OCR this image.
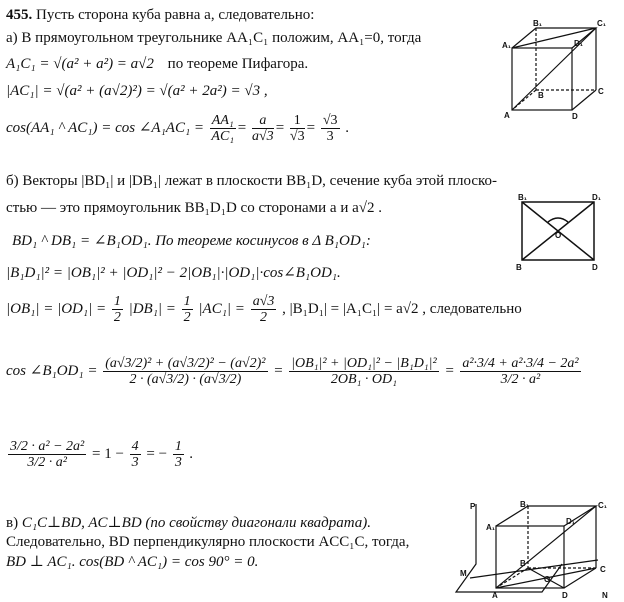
455. Пусть сторона куба равна a, следовательно:
а) В прямоугольном треугольнике AA₁C₁ положим, AA₁=0, тогда
A₁C₁ = √(a² + a²) = a√2 по теореме Пифагора.
|AC₁| = √(a² + (a√2)²) = √(a² + 2a²) = √3 ,
cos(AA₁ ^ AC₁) = cos ∠A₁AC₁ = $\frac{\text{AA₁}}{\text{AC₁}} = \frac{a}{a√3} = \frac{1}{√3} = \frac{√3}{3}$ .
б) Векторы |BD₁| и |DB₁| лежат в плоскости BB₁D, сечение куба этой плоско-
стью — это прямоугольник BB₁D₁D со сторонами a и a√2 .
BD₁ ^ DB₁ = ∠B₁OD₁. По теореме косинусов в Δ B₁OD₁:
|B₁D₁|² = |OB₁|² + |OD₁|² − 2|OB₁|·|OD₁|·cos∠B₁OD₁.
$|OB_1| = |OD_1| = \frac{1}{2} |DB_1| = \frac{1}{2} |AC_1| = \frac{a√3}{2}$ , |B₁D₁| = |A₁C₁| = a√2 , следовательно
cos ∠B₁OD₁ = $\frac{\text{(a√3/2)² + (a√3/2)² − (a√2)²}}{2 \cdot (a√3/2) \cdot (a√3/2)} = \frac{\text{|OB₁|² + |OD₁|² − |B₁D₁|²}}{\text{2OB₁ · OD₁}} = \frac{\text{a²·3/4 + a²·3/4 − 2a²}}{\text{3/2 · a²}}$
$\frac{\text{3/2 · a² − 2a²}}{\text{3/2 · a²}} = 1 - \frac{4}{3}$ = − $\frac{1}{3}$ .
в) C₁C⊥BD, AC⊥BD (по свойству диагонали квадрата).
Следовательно, BD перпендикулярно плоскости ACC₁C, тогда,
BD ⊥ AC₁. cos(BD ^ AC₁) = cos 90° = 0.
B₁	C₁
A₁	D₁
B	C
A	D
B₁	D₁
O
B	D
P	B₁	C₁
A₁
D₁
B
C
M
O
A	D	N
